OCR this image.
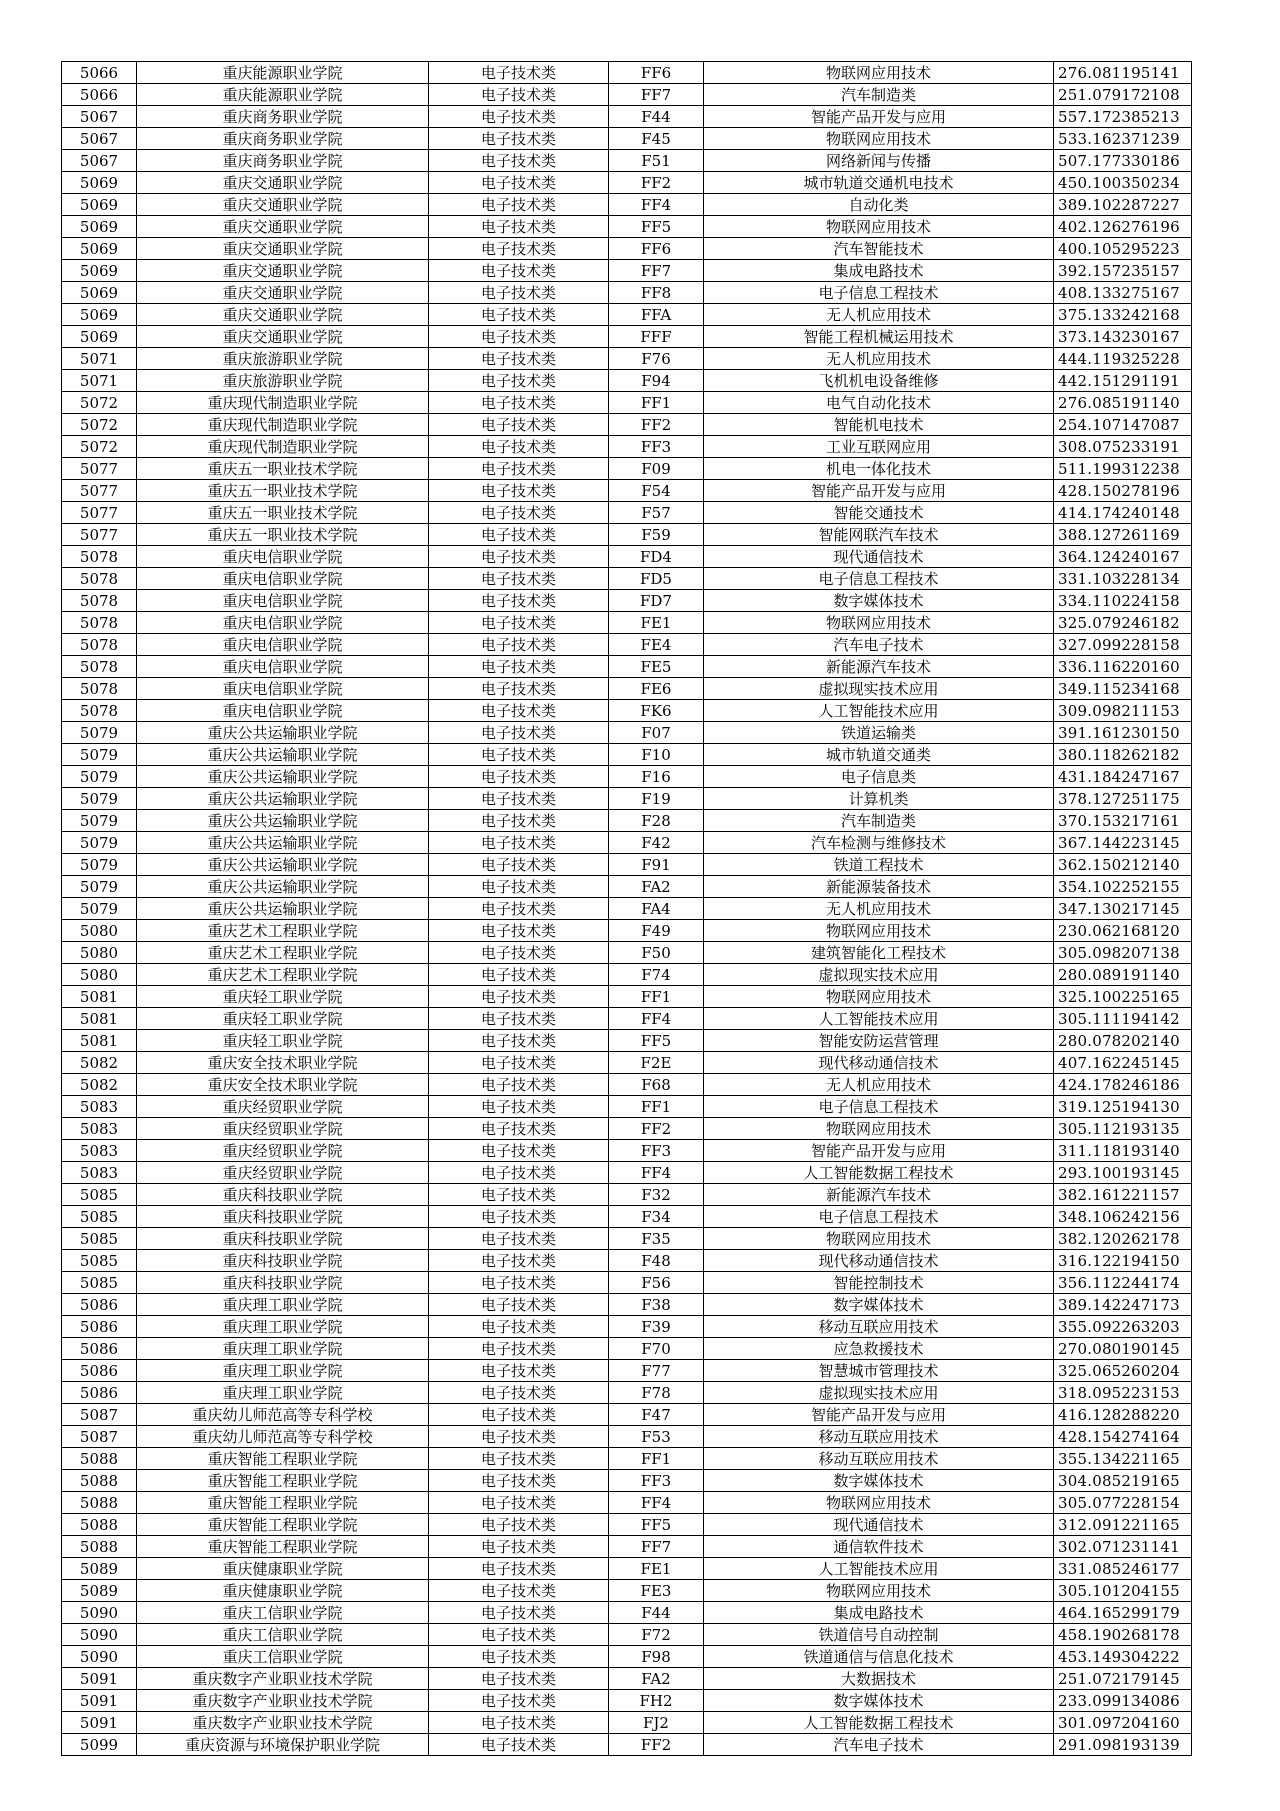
5066	重庆能源职业学院	电子技术类	FF6	物联网应用技术	276.081195141
5066	重庆能源职业学院	电子技术类	FF7	汽车制造类	251.079172108
5067	重庆商务职业学院	电子技术类	F44	智能产品开发与应用	557.172385213
5067	重庆商务职业学院	电子技术类	F45	物联网应用技术	533.162371239
5067	重庆商务职业学院	电子技术类	F51	网络新闻与传播	507.177330186
5069	重庆交通职业学院	电子技术类	FF2	城市轨道交通机电技术	450.100350234
5069	重庆交通职业学院	电子技术类	FF4	自动化类	389.102287227
5069	重庆交通职业学院	电子技术类	FF5	物联网应用技术	402.126276196
5069	重庆交通职业学院	电子技术类	FF6	汽车智能技术	400.105295223
5069	重庆交通职业学院	电子技术类	FF7	集成电路技术	392.157235157
5069	重庆交通职业学院	电子技术类	FF8	电子信息工程技术	408.133275167
5069	重庆交通职业学院	电子技术类	FFA	无人机应用技术	375.133242168
5069	重庆交通职业学院	电子技术类	FFF	智能工程机械运用技术	373.143230167
5071	重庆旅游职业学院	电子技术类	F76	无人机应用技术	444.119325228
5071	重庆旅游职业学院	电子技术类	F94	飞机机电设备维修	442.151291191
5072	重庆现代制造职业学院	电子技术类	FF1	电气自动化技术	276.085191140
5072	重庆现代制造职业学院	电子技术类	FF2	智能机电技术	254.107147087
5072	重庆现代制造职业学院	电子技术类	FF3	工业互联网应用	308.075233191
5077	重庆五一职业技术学院	电子技术类	F09	机电一体化技术	511.199312238
5077	重庆五一职业技术学院	电子技术类	F54	智能产品开发与应用	428.150278196
5077	重庆五一职业技术学院	电子技术类	F57	智能交通技术	414.174240148
5077	重庆五一职业技术学院	电子技术类	F59	智能网联汽车技术	388.127261169
5078	重庆电信职业学院	电子技术类	FD4	现代通信技术	364.124240167
5078	重庆电信职业学院	电子技术类	FD5	电子信息工程技术	331.103228134
5078	重庆电信职业学院	电子技术类	FD7	数字媒体技术	334.110224158
5078	重庆电信职业学院	电子技术类	FE1	物联网应用技术	325.079246182
5078	重庆电信职业学院	电子技术类	FE4	汽车电子技术	327.099228158
5078	重庆电信职业学院	电子技术类	FE5	新能源汽车技术	336.116220160
5078	重庆电信职业学院	电子技术类	FE6	虚拟现实技术应用	349.115234168
5078	重庆电信职业学院	电子技术类	FK6	人工智能技术应用	309.098211153
5079	重庆公共运输职业学院	电子技术类	F07	铁道运输类	391.161230150
5079	重庆公共运输职业学院	电子技术类	F10	城市轨道交通类	380.118262182
5079	重庆公共运输职业学院	电子技术类	F16	电子信息类	431.184247167
5079	重庆公共运输职业学院	电子技术类	F19	计算机类	378.127251175
5079	重庆公共运输职业学院	电子技术类	F28	汽车制造类	370.153217161
5079	重庆公共运输职业学院	电子技术类	F42	汽车检测与维修技术	367.144223145
5079	重庆公共运输职业学院	电子技术类	F91	铁道工程技术	362.150212140
5079	重庆公共运输职业学院	电子技术类	FA2	新能源装备技术	354.102252155
5079	重庆公共运输职业学院	电子技术类	FA4	无人机应用技术	347.130217145
5080	重庆艺术工程职业学院	电子技术类	F49	物联网应用技术	230.062168120
5080	重庆艺术工程职业学院	电子技术类	F50	建筑智能化工程技术	305.098207138
5080	重庆艺术工程职业学院	电子技术类	F74	虚拟现实技术应用	280.089191140
5081	重庆轻工职业学院	电子技术类	FF1	物联网应用技术	325.100225165
5081	重庆轻工职业学院	电子技术类	FF4	人工智能技术应用	305.111194142
5081	重庆轻工职业学院	电子技术类	FF5	智能安防运营管理	280.078202140
5082	重庆安全技术职业学院	电子技术类	F2E	现代移动通信技术	407.162245145
5082	重庆安全技术职业学院	电子技术类	F68	无人机应用技术	424.178246186
5083	重庆经贸职业学院	电子技术类	FF1	电子信息工程技术	319.125194130
5083	重庆经贸职业学院	电子技术类	FF2	物联网应用技术	305.112193135
5083	重庆经贸职业学院	电子技术类	FF3	智能产品开发与应用	311.118193140
5083	重庆经贸职业学院	电子技术类	FF4	人工智能数据工程技术	293.100193145
5085	重庆科技职业学院	电子技术类	F32	新能源汽车技术	382.161221157
5085	重庆科技职业学院	电子技术类	F34	电子信息工程技术	348.106242156
5085	重庆科技职业学院	电子技术类	F35	物联网应用技术	382.120262178
5085	重庆科技职业学院	电子技术类	F48	现代移动通信技术	316.122194150
5085	重庆科技职业学院	电子技术类	F56	智能控制技术	356.112244174
5086	重庆理工职业学院	电子技术类	F38	数字媒体技术	389.142247173
5086	重庆理工职业学院	电子技术类	F39	移动互联应用技术	355.092263203
5086	重庆理工职业学院	电子技术类	F70	应急救援技术	270.080190145
5086	重庆理工职业学院	电子技术类	F77	智慧城市管理技术	325.065260204
5086	重庆理工职业学院	电子技术类	F78	虚拟现实技术应用	318.095223153
5087	重庆幼儿师范高等专科学校	电子技术类	F47	智能产品开发与应用	416.128288220
5087	重庆幼儿师范高等专科学校	电子技术类	F53	移动互联应用技术	428.154274164
5088	重庆智能工程职业学院	电子技术类	FF1	移动互联应用技术	355.134221165
5088	重庆智能工程职业学院	电子技术类	FF3	数字媒体技术	304.085219165
5088	重庆智能工程职业学院	电子技术类	FF4	物联网应用技术	305.077228154
5088	重庆智能工程职业学院	电子技术类	FF5	现代通信技术	312.091221165
5088	重庆智能工程职业学院	电子技术类	FF7	通信软件技术	302.071231141
5089	重庆健康职业学院	电子技术类	FE1	人工智能技术应用	331.085246177
5089	重庆健康职业学院	电子技术类	FE3	物联网应用技术	305.101204155
5090	重庆工信职业学院	电子技术类	F44	集成电路技术	464.165299179
5090	重庆工信职业学院	电子技术类	F72	铁道信号自动控制	458.190268178
5090	重庆工信职业学院	电子技术类	F98	铁道通信与信息化技术	453.149304222
5091	重庆数字产业职业技术学院	电子技术类	FA2	大数据技术	251.072179145
5091	重庆数字产业职业技术学院	电子技术类	FH2	数字媒体技术	233.099134086
5091	重庆数字产业职业技术学院	电子技术类	FJ2	人工智能数据工程技术	301.097204160
5099	重庆资源与环境保护职业学院	电子技术类	FF2	汽车电子技术	291.098193139
